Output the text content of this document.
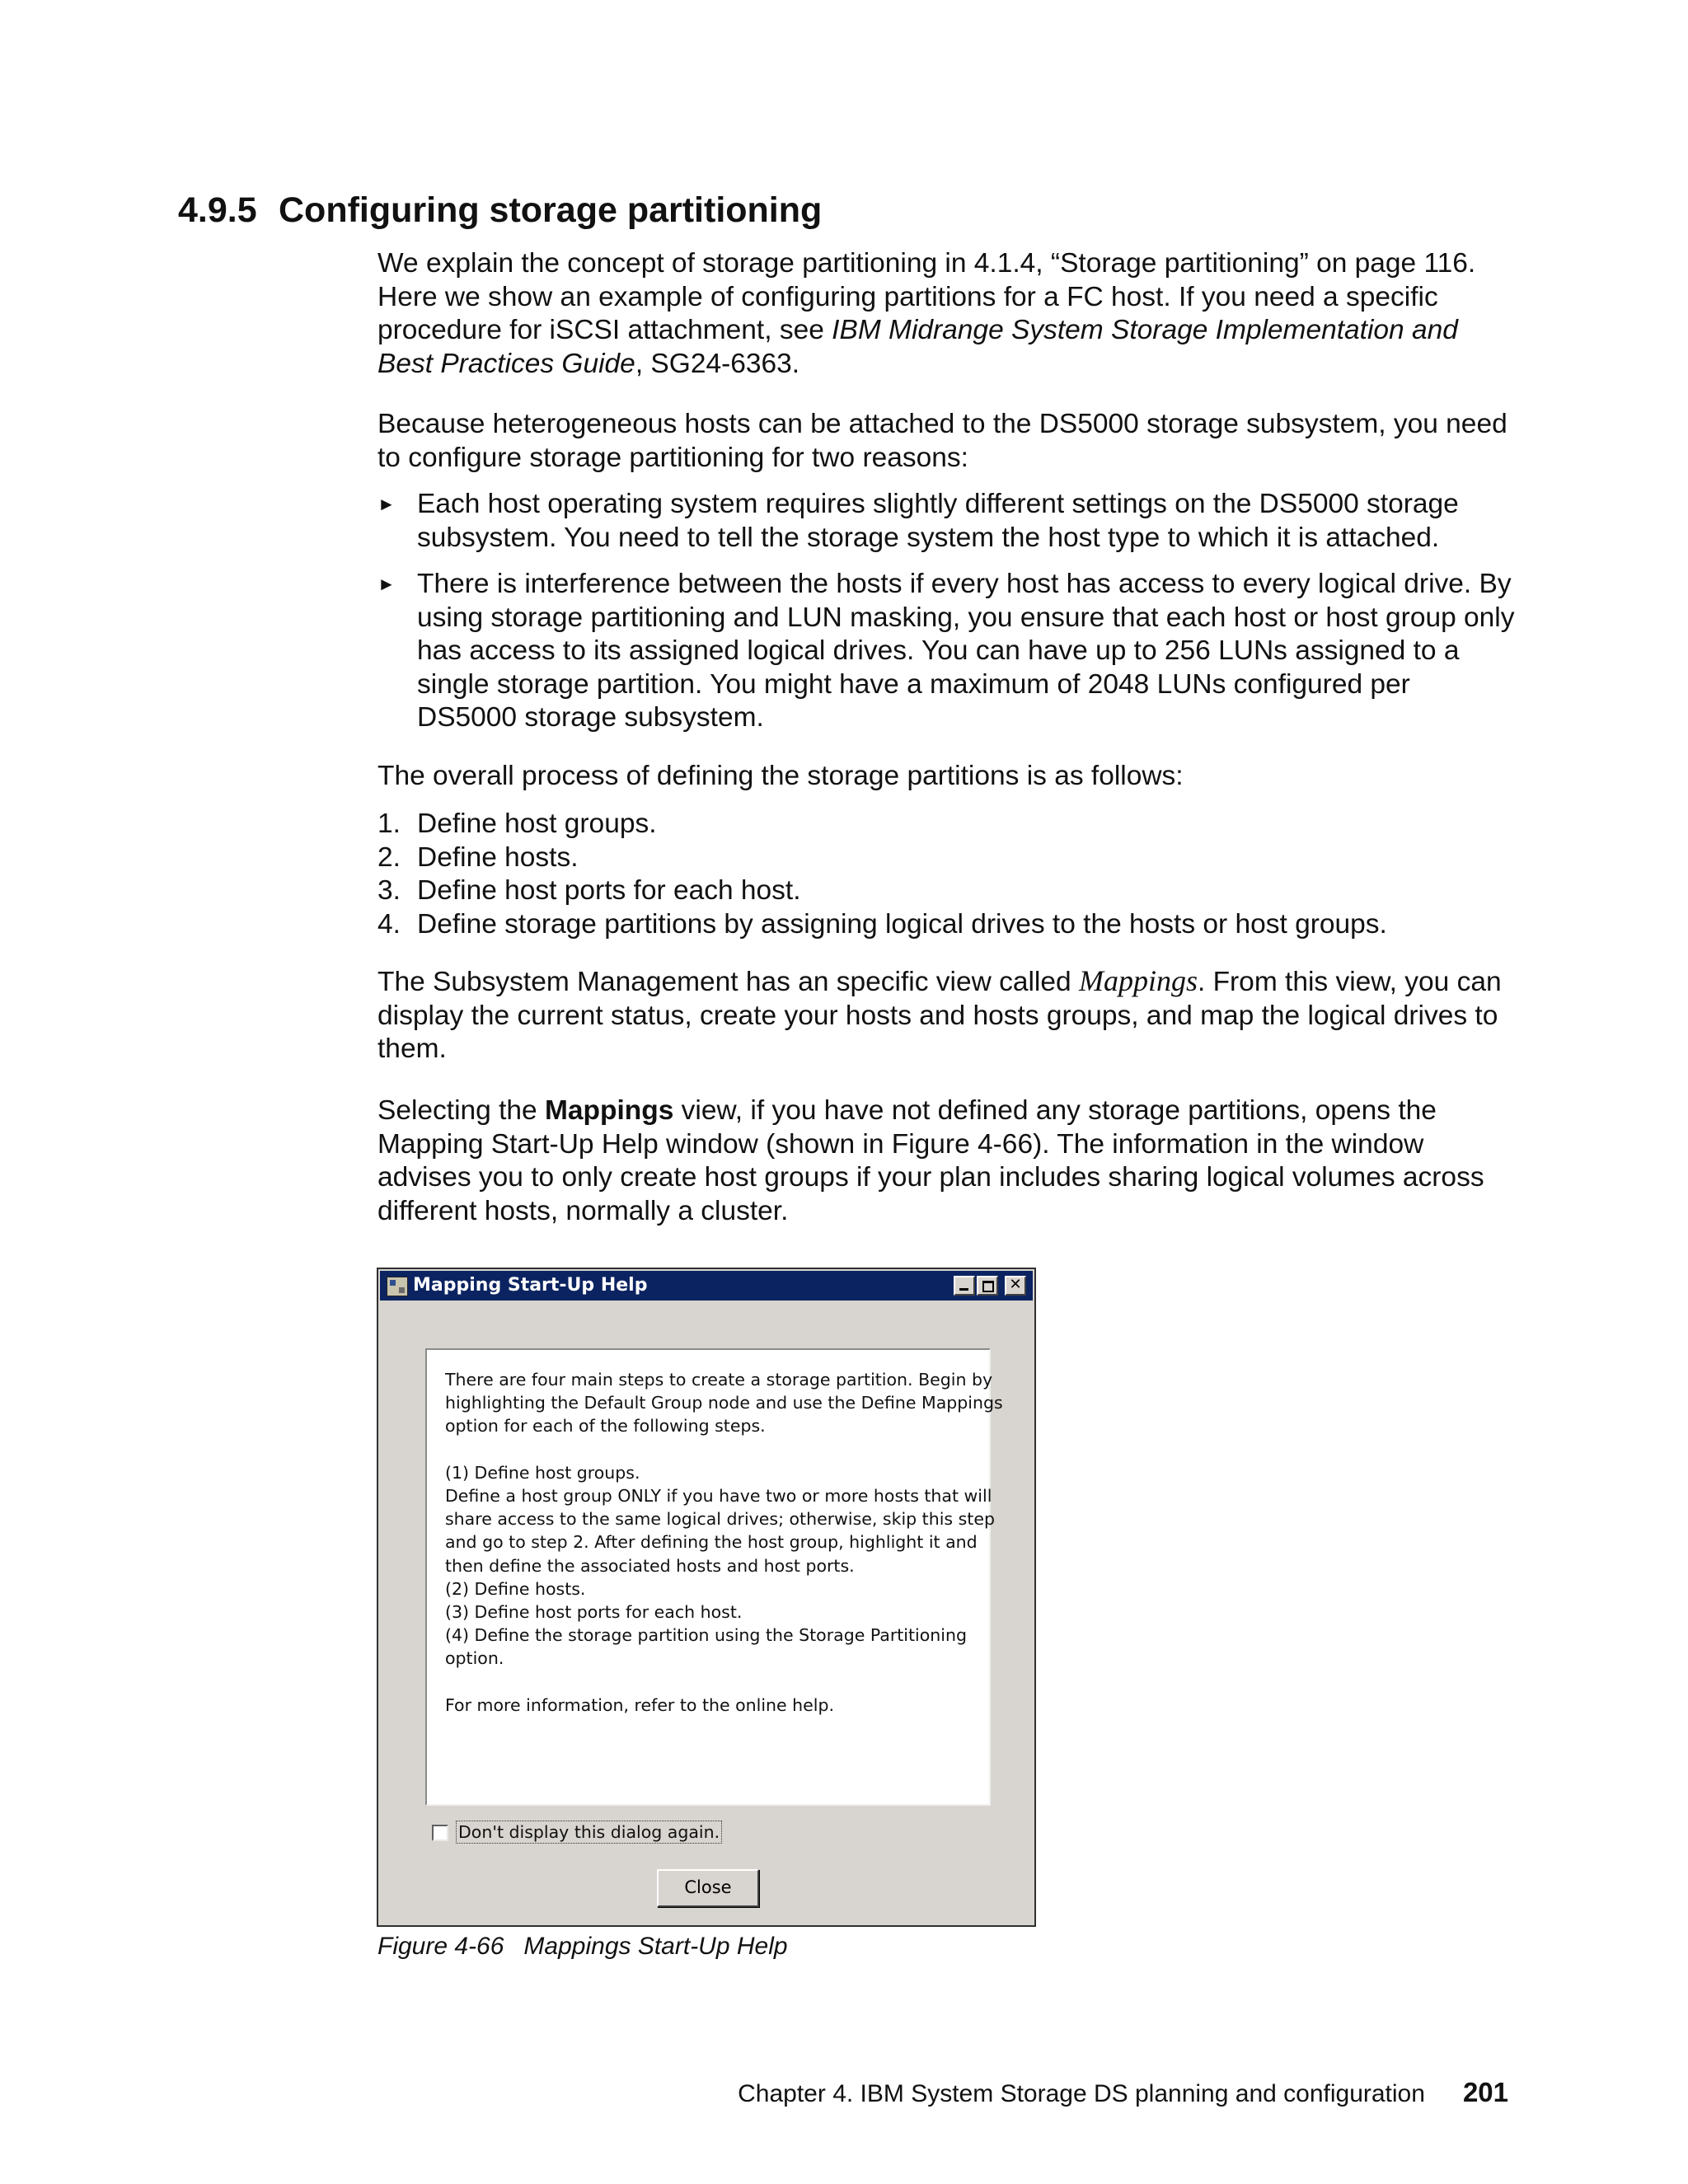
4.9.5 Configuring storage partitioning

We explain the concept of storage partitioning in 4.1.4, “Storage partitioning” on page 116. Here we show an example of configuring partitions for a FC host. If you need a specific procedure for iSCSI attachment, see IBM Midrange System Storage Implementation and Best Practices Guide, SG24-6363.

Because heterogeneous hosts can be attached to the DS5000 storage subsystem, you need to configure storage partitioning for two reasons:

► Each host operating system requires slightly different settings on the DS5000 storage subsystem. You need to tell the storage system the host type to which it is attached.
► There is interference between the hosts if every host has access to every logical drive. By using storage partitioning and LUN masking, you ensure that each host or host group only has access to its assigned logical drives. You can have up to 256 LUNs assigned to a single storage partition. You might have a maximum of 2048 LUNs configured per DS5000 storage subsystem.

The overall process of defining the storage partitions is as follows:

1. Define host groups.
2. Define hosts.
3. Define host ports for each host.
4. Define storage partitions by assigning logical drives to the hosts or host groups.

The Subsystem Management has an specific view called Mappings. From this view, you can display the current status, create your hosts and hosts groups, and map the logical drives to them.

Selecting the Mappings view, if you have not defined any storage partitions, opens the Mapping Start-Up Help window (shown in Figure 4-66). The information in the window advises you to only create host groups if your plan includes sharing logical volumes across different hosts, normally a cluster.

Mapping Start-Up Help	✕
There are four main steps to create a storage partition. Begin by
highlighting the Default Group node and use the Define Mappings
option for each of the following steps.
(1) Define host groups.
Define a host group ONLY if you have two or more hosts that will
share access to the same logical drives; otherwise, skip this step
and go to step 2. After defining the host group, highlight it and
then define the associated hosts and host ports.
(2) Define hosts.
(3) Define host ports for each host.
(4) Define the storage partition using the Storage Partitioning
option.
For more information, refer to the online help.
Don't display this dialog again.
Close
Figure 4-66 Mappings Start-Up Help
Chapter 4. IBM System Storage DS planning and configuration 201
